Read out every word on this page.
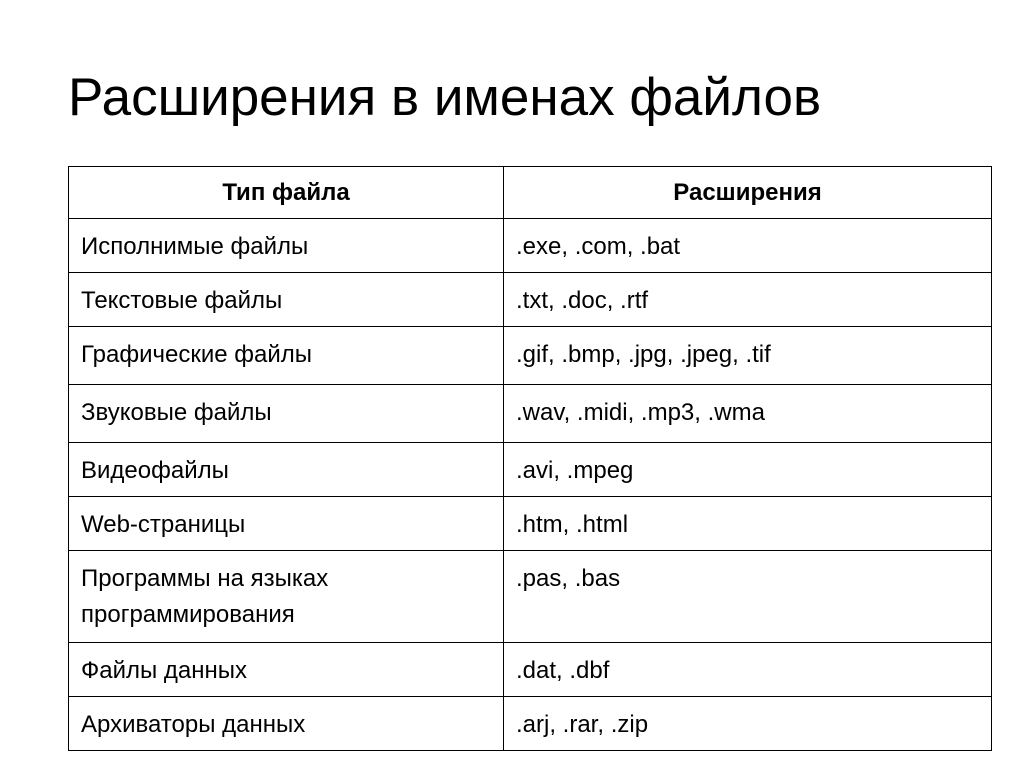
Расширения в именах файлов
Тип файла	Расширения
Исполнимые файлы	.exe, .com, .bat
Текстовые файлы	.txt, .doc, .rtf
Графические файлы	.gif, .bmp, .jpg, .jpeg, .tif
Звуковые файлы	.wav, .midi, .mp3, .wma
Видеофайлы	.avi, .mpeg
Web-страницы	.htm, .html
Программы на языках программирования	.pas, .bas
Файлы данных	.dat, .dbf
Архиваторы данных	.arj, .rar, .zip
